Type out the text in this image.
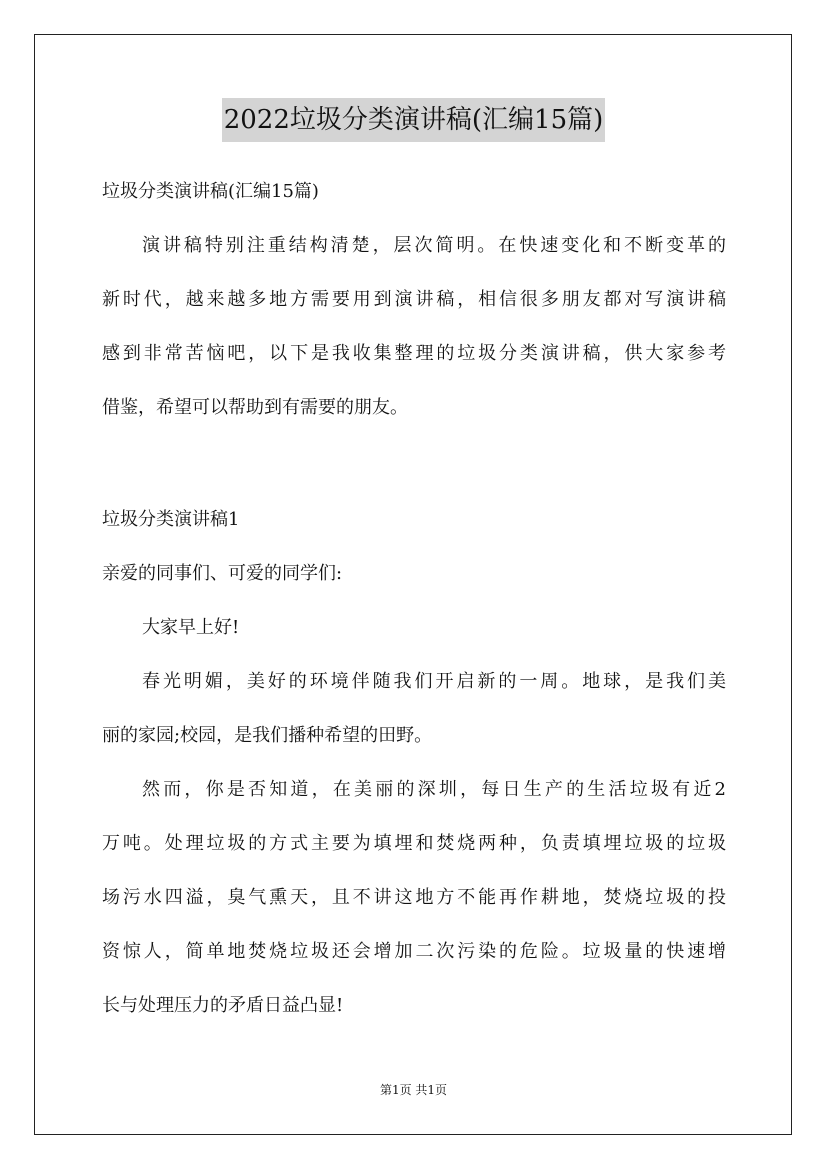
2022垃圾分类演讲稿(汇编15篇)
垃圾分类演讲稿(汇编15篇)
演讲稿特别注重结构清楚，层次简明。在快速变化和不断变革的
新时代，越来越多地方需要用到演讲稿，相信很多朋友都对写演讲稿
感到非常苦恼吧，以下是我收集整理的垃圾分类演讲稿，供大家参考
借鉴，希望可以帮助到有需要的朋友。
垃圾分类演讲稿1
亲爱的同事们、可爱的同学们:
大家早上好!
春光明媚，美好的环境伴随我们开启新的一周。地球，是我们美
丽的家园;校园，是我们播种希望的田野。
然而，你是否知道，在美丽的深圳，每日生产的生活垃圾有近2
万吨。处理垃圾的方式主要为填埋和焚烧两种，负责填埋垃圾的垃圾
场污水四溢，臭气熏天，且不讲这地方不能再作耕地，焚烧垃圾的投
资惊人，简单地焚烧垃圾还会增加二次污染的危险。垃圾量的快速增
长与处理压力的矛盾日益凸显!
第1页 共1页
